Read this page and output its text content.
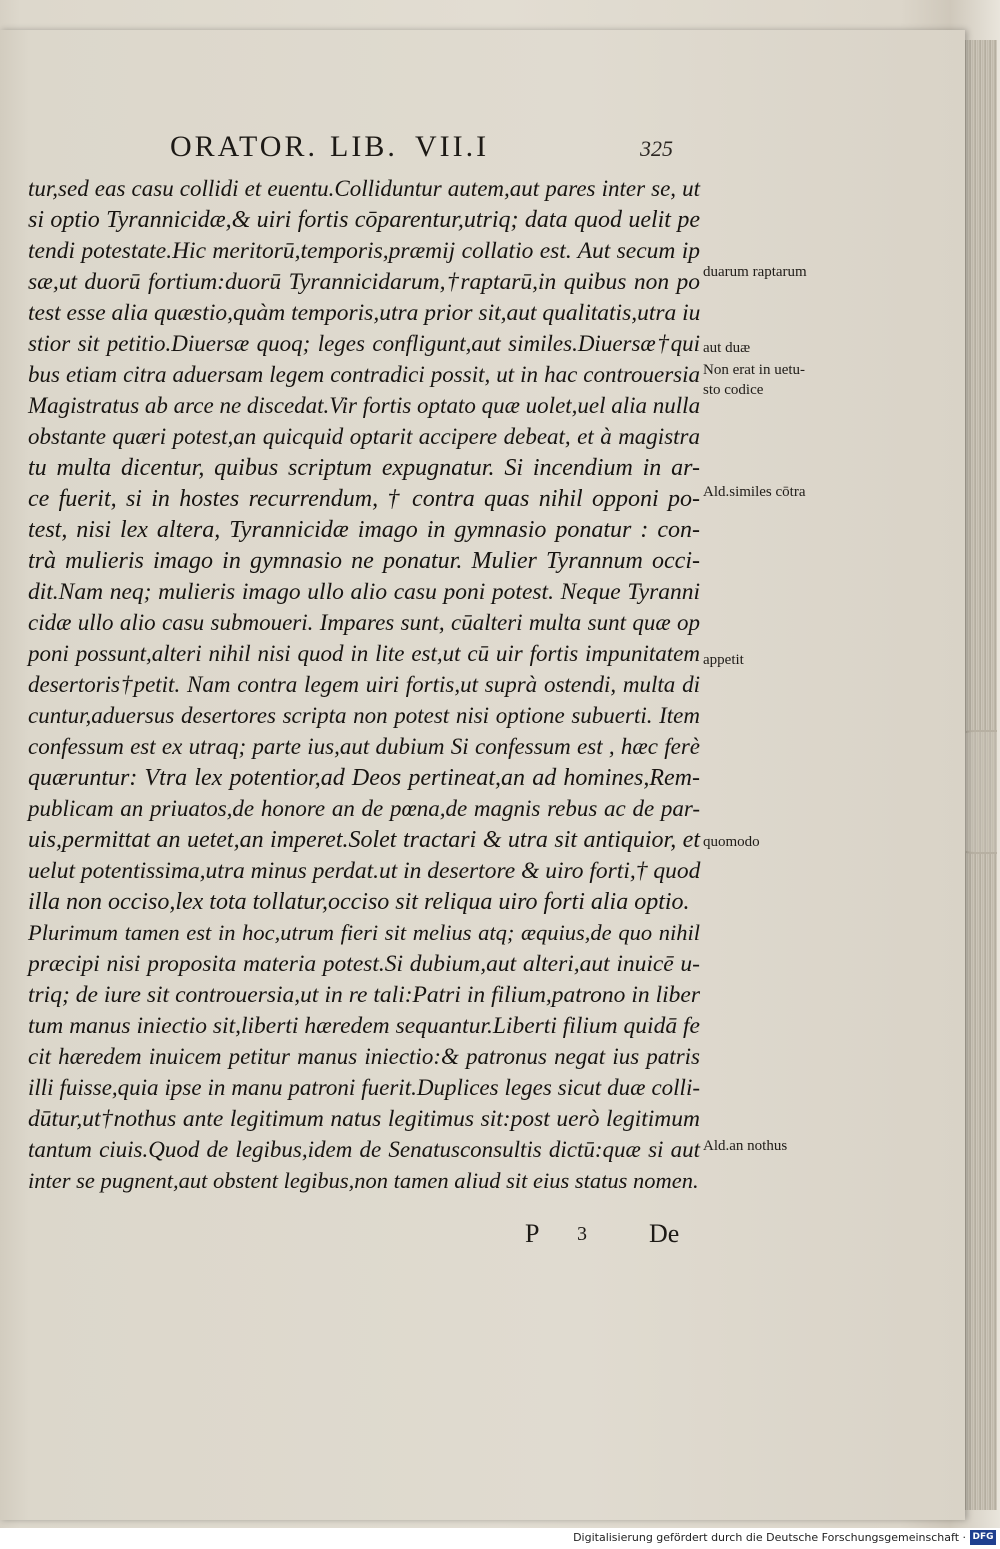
ORATOR. LIB. VII.I	325
tur,sed eas casu collidi et euentu.Colliduntur autem,aut pares inter se, ut
si optio Tyrannicidæ,& uiri fortis cōparentur,utriq; data quod uelit pe
tendi potestate.Hic meritorū,temporis,præmij collatio est. Aut secum ip
sæ,ut duorū fortium:duorū Tyrannicidarum,†raptarū,in quibus non po
test esse alia quæstio,quàm temporis,utra prior sit,aut qualitatis,utra iu
stior sit petitio.Diuersæ quoq; leges confligunt,aut similes.Diuersæ†qui
bus etiam citra aduersam legem contradici possit, ut in hac controuersia
Magistratus ab arce ne discedat.Vir fortis optato quæ uolet,uel alia nulla
obstante quæri potest,an quicquid optarit accipere debeat, et à magistra
tu multa dicentur, quibus scriptum expugnatur. Si incendium in ar-
ce fuerit, si in hostes recurrendum, † contra quas nihil opponi po-
test, nisi lex altera, Tyrannicidæ imago in gymnasio ponatur : con-
trà mulieris imago in gymnasio ne ponatur. Mulier Tyrannum occi-
dit.Nam neq; mulieris imago ullo alio casu poni potest. Neque Tyranni
cidæ ullo alio casu submoueri. Impares sunt, cūalteri multa sunt quæ op
poni possunt,alteri nihil nisi quod in lite est,ut cū uir fortis impunitatem
desertoris†petit. Nam contra legem uiri fortis,ut suprà ostendi, multa di
cuntur,aduersus desertores scripta non potest nisi optione subuerti. Item
confessum est ex utraq; parte ius,aut dubium Si confessum est , hæc ferè
quæruntur: Vtra lex potentior,ad Deos pertineat,an ad homines,Rem-
publicam an priuatos,de honore an de pœna,de magnis rebus ac de par-
uis,permittat an uetet,an imperet.Solet tractari & utra sit antiquior, et
uelut potentissima,utra minus perdat.ut in desertore & uiro forti,† quod
illa non occiso,lex tota tollatur,occiso sit reliqua uiro forti alia optio.
Plurimum tamen est in hoc,utrum fieri sit melius atq; æquius,de quo nihil
præcipi nisi proposita materia potest.Si dubium,aut alteri,aut inuicē u-
triq; de iure sit controuersia,ut in re tali:Patri in filium,patrono in liber
tum manus iniectio sit,liberti hæredem sequantur.Liberti filium quidā fe
cit hæredem inuicem petitur manus iniectio:& patronus negat ius patris
illi fuisse,quia ipse in manu patroni fuerit.Duplices leges sicut duæ colli-
dūtur,ut†nothus ante legitimum natus legitimus sit:post uerò legitimum
tantum ciuis.Quod de legibus,idem de Senatusconsultis dictū:quæ si aut
inter se pugnent,aut obstent legibus,non tamen aliud sit eius status nomen.
duarum raptarum
aut duæ
Non erat in uetu-
sto codice
Ald.similes cōtra
appetit
quomodo
Ald.an nothus
P 3 De
Digitalisierung gefördert durch die Deutsche Forschungsgemeinschaft · DFG
